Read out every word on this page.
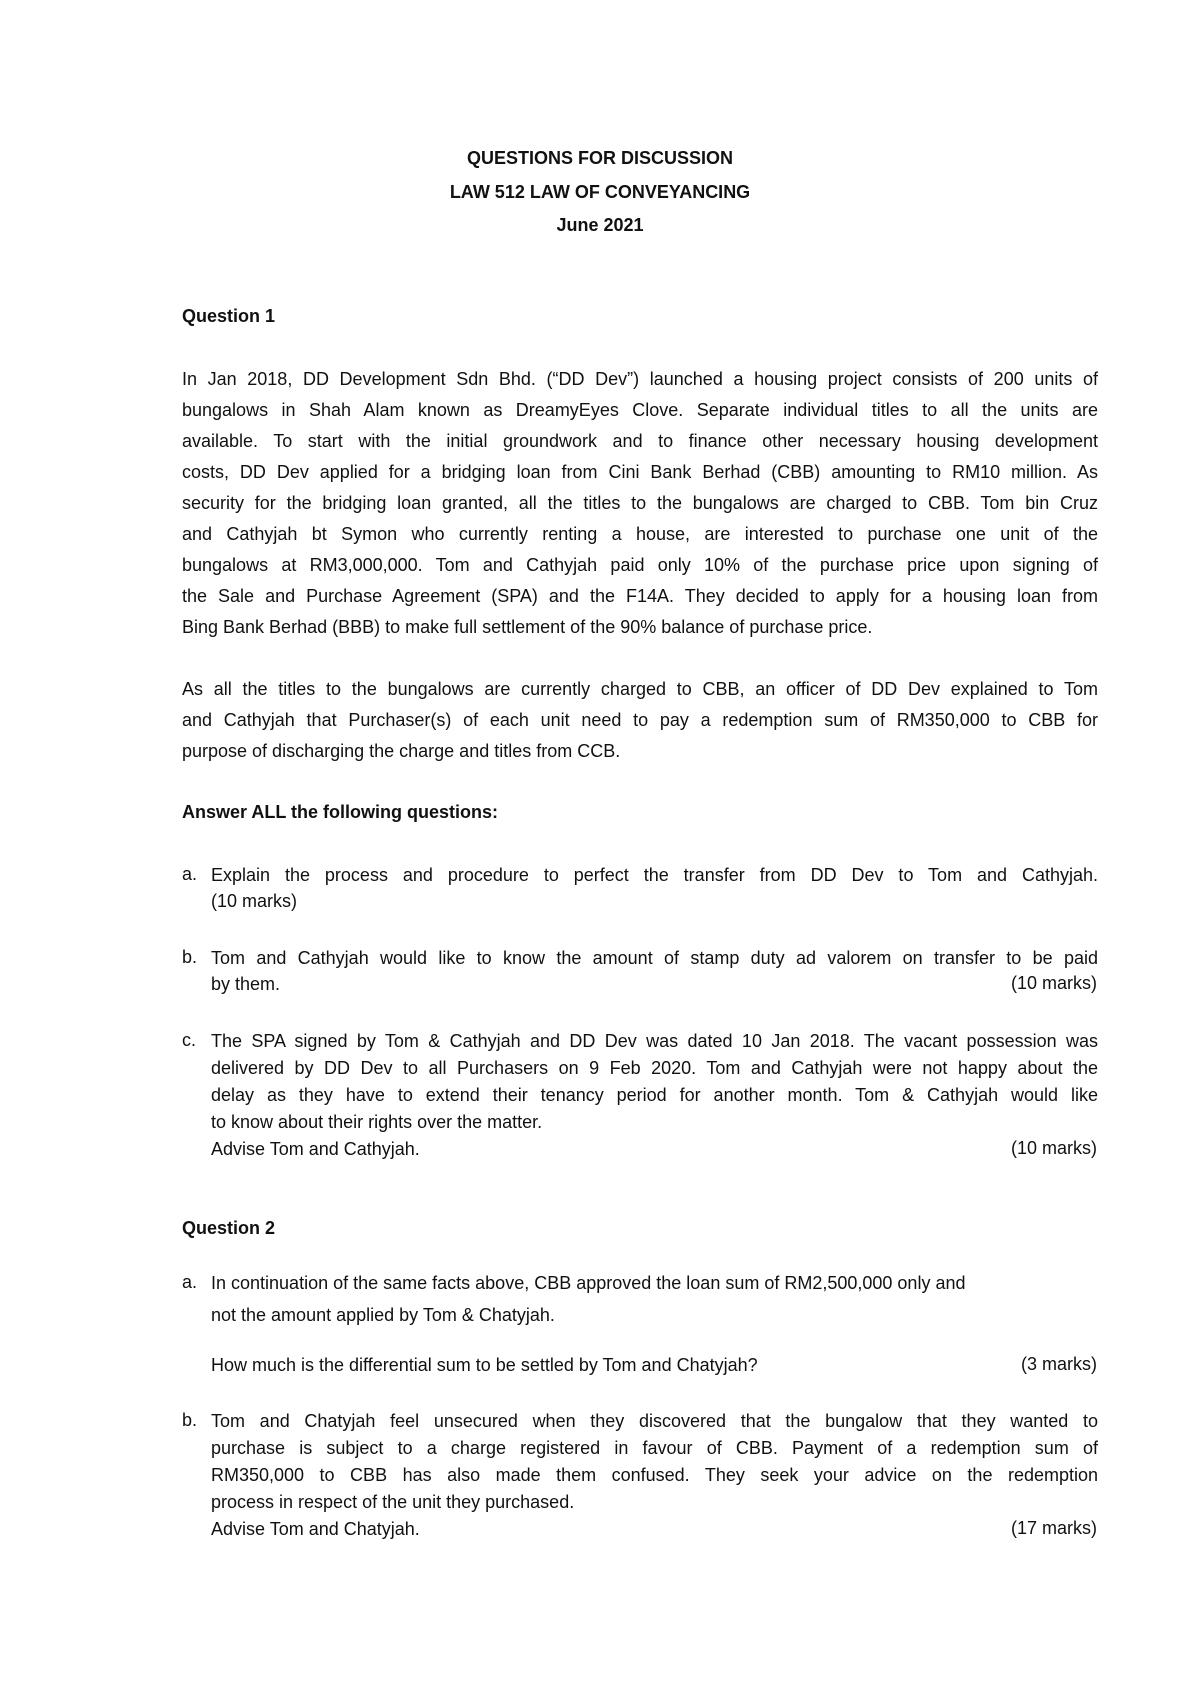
QUESTIONS FOR DISCUSSION
LAW 512 LAW OF CONVEYANCING
June 2021
Question 1
In Jan 2018, DD Development Sdn Bhd. (“DD Dev”) launched a housing project consists of 200 units of
bungalows in Shah Alam known as DreamyEyes Clove. Separate individual titles to all the units are
available. To start with the initial groundwork and to finance other necessary housing development
costs, DD Dev applied for a bridging loan from Cini Bank Berhad (CBB) amounting to RM10 million. As
security for the bridging loan granted, all the titles to the bungalows are charged to CBB. Tom bin Cruz
and Cathyjah bt Symon who currently renting a house, are interested to purchase one unit of the
bungalows at RM3,000,000. Tom and Cathyjah paid only 10% of the purchase price upon signing of
the Sale and Purchase Agreement (SPA) and the F14A. They decided to apply for a housing loan from
Bing Bank Berhad (BBB) to make full settlement of the 90% balance of purchase price.
As all the titles to the bungalows are currently charged to CBB, an officer of DD Dev explained to Tom
and Cathyjah that Purchaser(s) of each unit need to pay a redemption sum of RM350,000 to CBB for
purpose of discharging the charge and titles from CCB.
Answer ALL the following questions:
a. Explain the process and procedure to perfect the transfer from DD Dev to Tom and Cathyjah.
(10 marks)
b. Tom and Cathyjah would like to know the amount of stamp duty ad valorem on transfer to be paid
by them.	(10 marks)
c. The SPA signed by Tom & Cathyjah and DD Dev was dated 10 Jan 2018. The vacant possession was
delivered by DD Dev to all Purchasers on 9 Feb 2020. Tom and Cathyjah were not happy about the
delay as they have to extend their tenancy period for another month. Tom & Cathyjah would like
to know about their rights over the matter.
Advise Tom and Cathyjah.	(10 marks)
Question 2
a. In continuation of the same facts above, CBB approved the loan sum of RM2,500,000 only and
not the amount applied by Tom & Chatyjah.
How much is the differential sum to be settled by Tom and Chatyjah?	(3 marks)
b. Tom and Chatyjah feel unsecured when they discovered that the bungalow that they wanted to
purchase is subject to a charge registered in favour of CBB. Payment of a redemption sum of
RM350,000 to CBB has also made them confused. They seek your advice on the redemption
process in respect of the unit they purchased.
Advise Tom and Chatyjah.	(17 marks)
